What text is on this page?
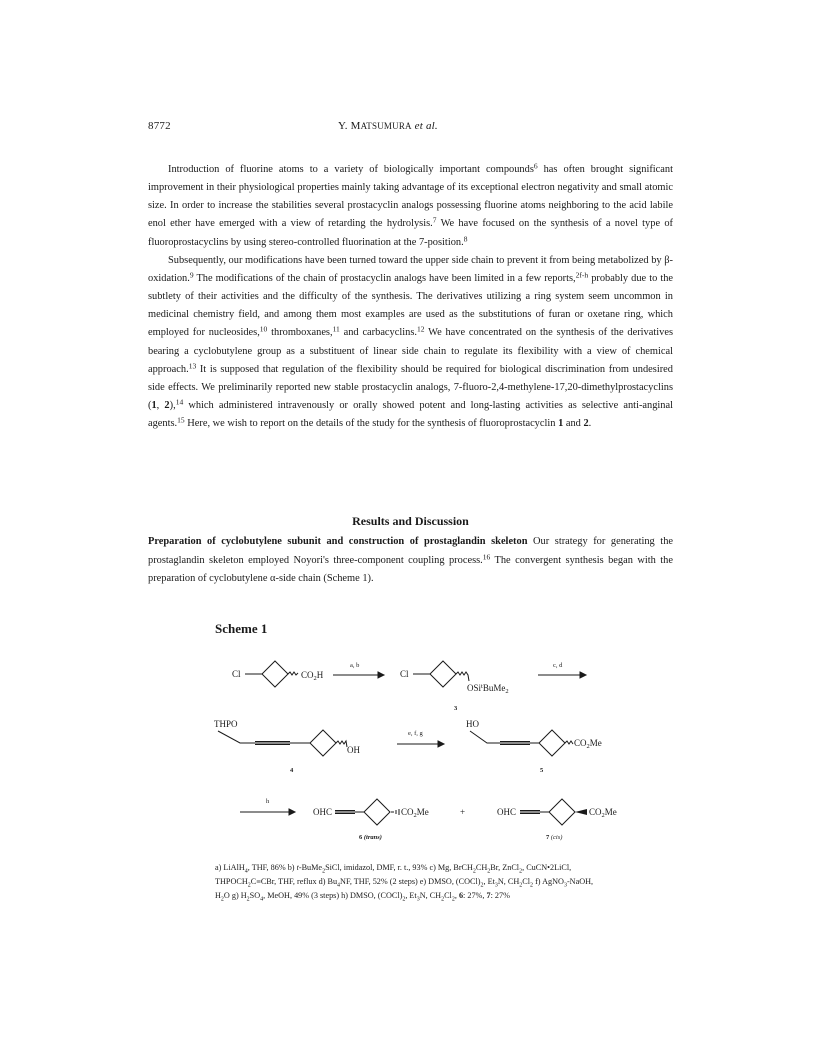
8772	Y. MATSUMURA et al.

Introduction of fluorine atoms to a variety of biologically important compounds$^6$ has often brought significant improvement in their physiological properties mainly taking advantage of its exceptional electron negativity and small atomic size. In order to increase the stabilities several prostacyclin analogs possessing fluorine atoms neighboring to the acid labile enol ether have emerged with a view of retarding the hydrolysis.$^7$ We have focused on the synthesis of a novel type of fluoroprostacyclins by using stereo-controlled fluorination at the 7-position.$^8$

Subsequently, our modifications have been turned toward the upper side chain to prevent it from being metabolized by β-oxidation.$^9$ The modifications of the chain of prostacyclin analogs have been limited in a few reports,$^{2f-h}$ probably due to the subtlety of their activities and the difficulty of the synthesis. The derivatives utilizing a ring system seem uncommon in medicinal chemistry field, and among them most examples are used as the substitutions of furan or oxetane ring, which employed for nucleosides,$^{10}$ thromboxanes,$^{11}$ and carbacyclins.$^{12}$ We have concentrated on the synthesis of the derivatives bearing a cyclobutylene group as a substituent of linear side chain to regulate its flexibility with a view of chemical approach.$^{13}$ It is supposed that regulation of the flexibility should be required for biological discrimination from undesired side effects. We preliminarily reported new stable prostacyclin analogs, 7-fluoro-2,4-methylene-17,20-dimethylprostacyclins (1, 2),$^{14}$ which administered intravenously or orally showed potent and long-lasting activities as selective anti-anginal agents.$^{15}$ Here, we wish to report on the details of the study for the synthesis of fluoroprostacyclin 1 and 2.

Results and Discussion
Preparation of cyclobutylene subunit and construction of prostaglandin skeleton Our strategy for generating the prostaglandin skeleton employed Noyori's three-component coupling process.$^{16}$ The convergent synthesis began with the preparation of cyclobutylene α-side chain (Scheme 1).
Scheme 1
Cl	$CO_2H$
a, b
Cl
OSi$^t$BuMe$_2$
3
c, d
THPO
OH
4
e, f, g
HO
$CO_2Me$
5
h
OHC	$CO_2Me$	+	OHC	$CO_2Me$
6 (trans)	7 (cis)
a) LiAlH$_4$, THF, 86% b) t-BuMe$_2$SiCl, imidazol, DMF, r. t., 93% c) Mg, $BrCH_2CH_2Br$, ZnCl$_2$, CuCN•2LiCl, $THPOCH_2C\equiv CBr$, THF, reflux d) $Bu_4NF$, THF, 52% (2 steps) e) DMSO, $(COCl)_2$, $Et_3N$, $CH_2Cl_2$ f) AgNO$_3$-NaOH, $H_2O$ g) $H_2SO_4$, MeOH, 49% (3 steps) h) DMSO, $(COCl)_2$, $Et_3N$, $CH_2Cl_2$, 6: 27%, 7: 27%
